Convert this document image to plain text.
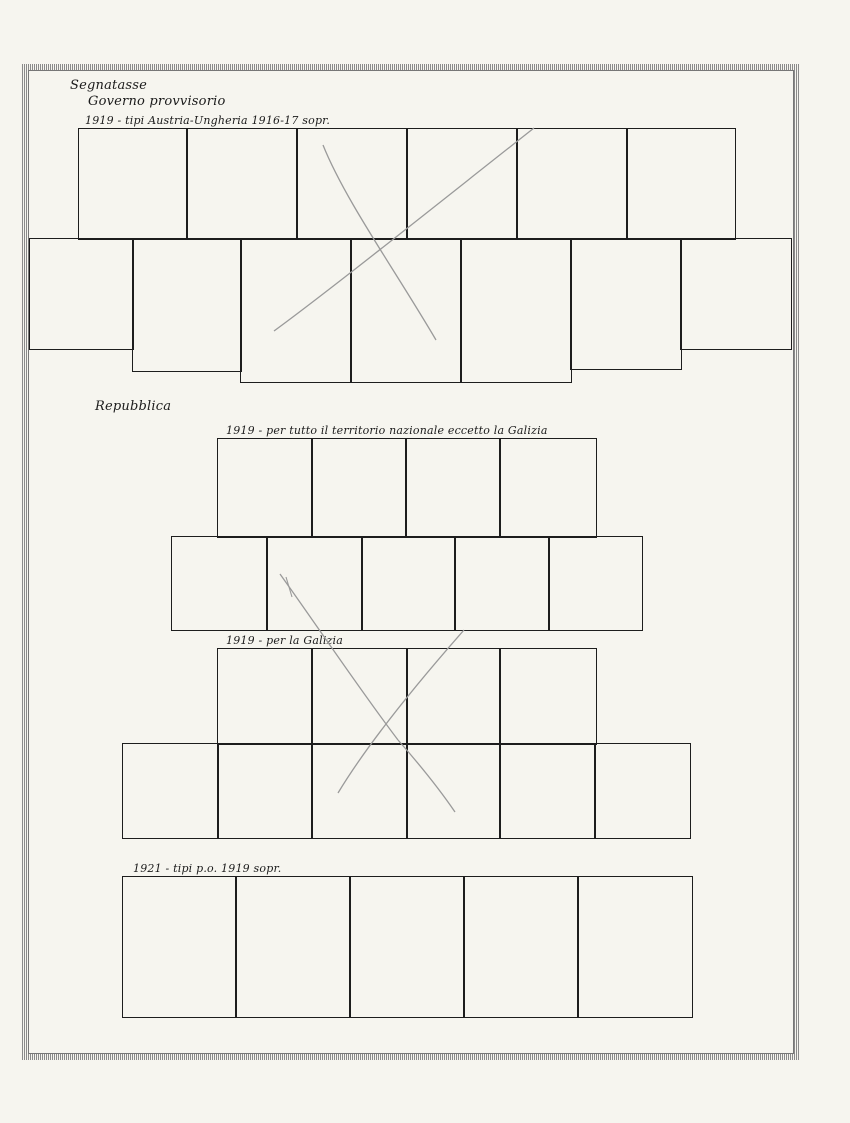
Segnatasse
Governo provvisorio
1919 - tipi Austria-Ungheria 1916-17 sopr.
Repubblica
1919 - per tutto il territorio nazionale eccetto la Galizia
1919 - per la Galizia
1921 - tipi p.o. 1919 sopr.
